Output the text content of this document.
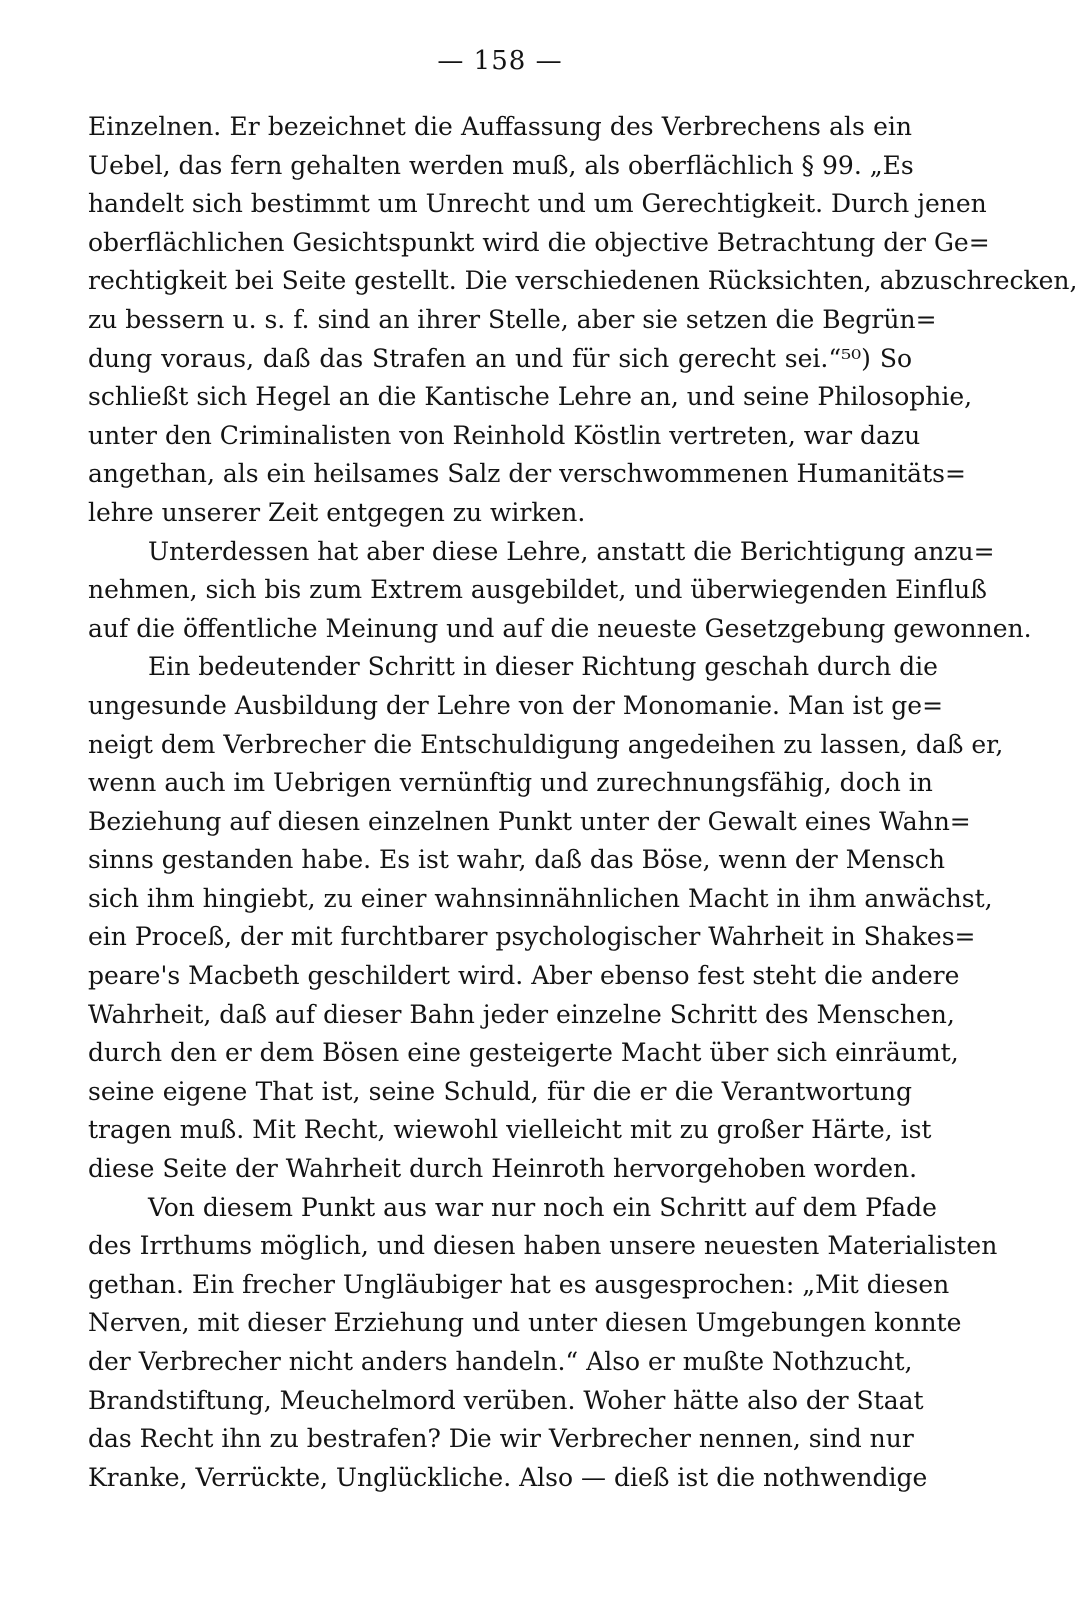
— 158 —
Einzelnen. Er bezeichnet die Auffassung des Verbrechens als ein
Uebel, das fern gehalten werden muß, als oberflächlich § 99. „Es
handelt sich bestimmt um Unrecht und um Gerechtigkeit. Durch jenen
oberflächlichen Gesichtspunkt wird die objective Betrachtung der Ge=
rechtigkeit bei Seite gestellt. Die verschiedenen Rücksichten, abzuschrecken,
zu bessern u. s. f. sind an ihrer Stelle, aber sie setzen die Begrün=
dung voraus, daß das Strafen an und für sich gerecht sei.“⁵⁰) So
schließt sich Hegel an die Kantische Lehre an, und seine Philosophie,
unter den Criminalisten von Reinhold Köstlin vertreten, war dazu
angethan, als ein heilsames Salz der verschwommenen Humanitäts=
lehre unserer Zeit entgegen zu wirken.
Unterdessen hat aber diese Lehre, anstatt die Berichtigung anzu=
nehmen, sich bis zum Extrem ausgebildet, und überwiegenden Einfluß
auf die öffentliche Meinung und auf die neueste Gesetzgebung gewonnen.
Ein bedeutender Schritt in dieser Richtung geschah durch die
ungesunde Ausbildung der Lehre von der Monomanie. Man ist ge=
neigt dem Verbrecher die Entschuldigung angedeihen zu lassen, daß er,
wenn auch im Uebrigen vernünftig und zurechnungsfähig, doch in
Beziehung auf diesen einzelnen Punkt unter der Gewalt eines Wahn=
sinns gestanden habe. Es ist wahr, daß das Böse, wenn der Mensch
sich ihm hingiebt, zu einer wahnsinnähnlichen Macht in ihm anwächst,
ein Proceß, der mit furchtbarer psychologischer Wahrheit in Shakes=
peare's Macbeth geschildert wird. Aber ebenso fest steht die andere
Wahrheit, daß auf dieser Bahn jeder einzelne Schritt des Menschen,
durch den er dem Bösen eine gesteigerte Macht über sich einräumt,
seine eigene That ist, seine Schuld, für die er die Verantwortung
tragen muß. Mit Recht, wiewohl vielleicht mit zu großer Härte, ist
diese Seite der Wahrheit durch Heinroth hervorgehoben worden.
Von diesem Punkt aus war nur noch ein Schritt auf dem Pfade
des Irrthums möglich, und diesen haben unsere neuesten Materialisten
gethan. Ein frecher Ungläubiger hat es ausgesprochen: „Mit diesen
Nerven, mit dieser Erziehung und unter diesen Umgebungen konnte
der Verbrecher nicht anders handeln.“ Also er mußte Nothzucht,
Brandstiftung, Meuchelmord verüben. Woher hätte also der Staat
das Recht ihn zu bestrafen? Die wir Verbrecher nennen, sind nur
Kranke, Verrückte, Unglückliche. Also — dieß ist die nothwendige
